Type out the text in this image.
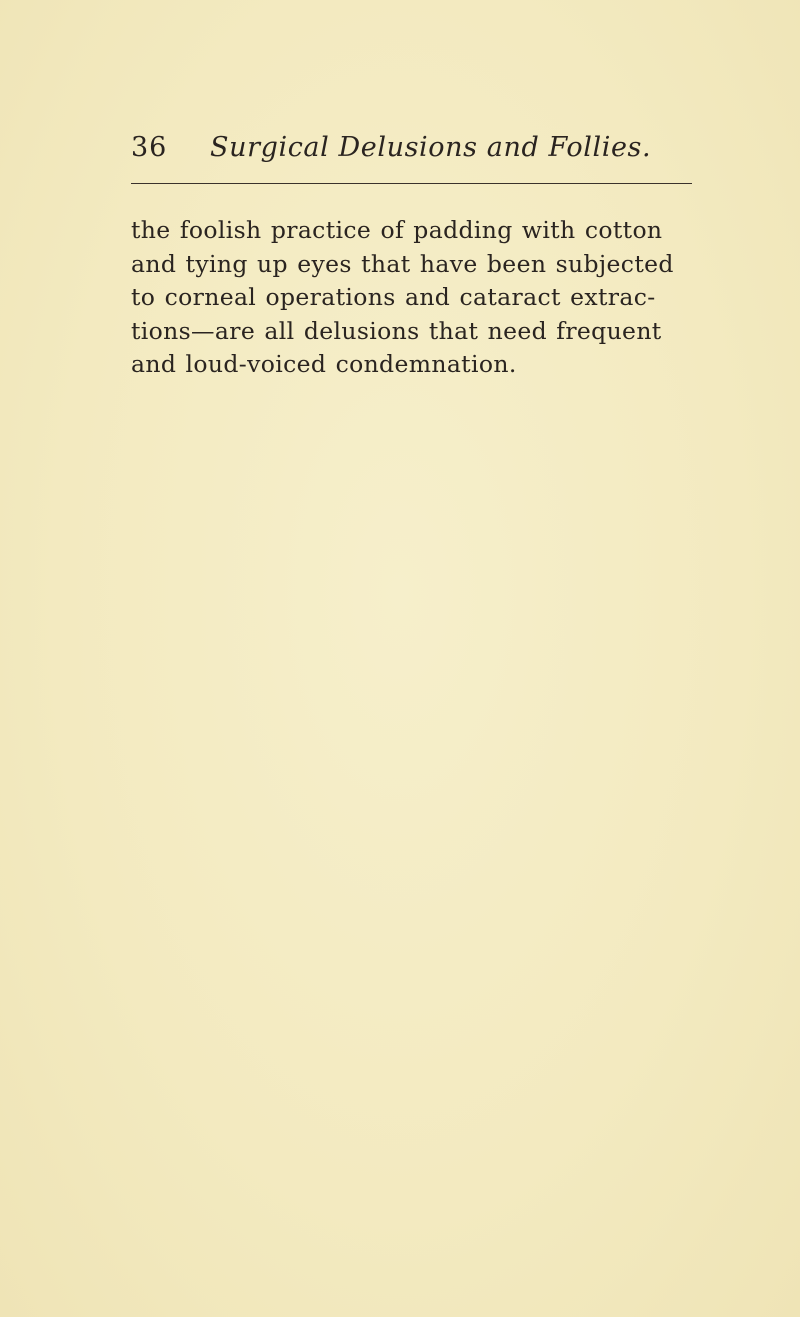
36 Surgical Delusions and Follies.
the foolish practice of padding with cotton
and tying up eyes that have been subjected
to corneal operations and cataract extrac-
tions—are all delusions that need frequent
and loud-voiced condemnation.
